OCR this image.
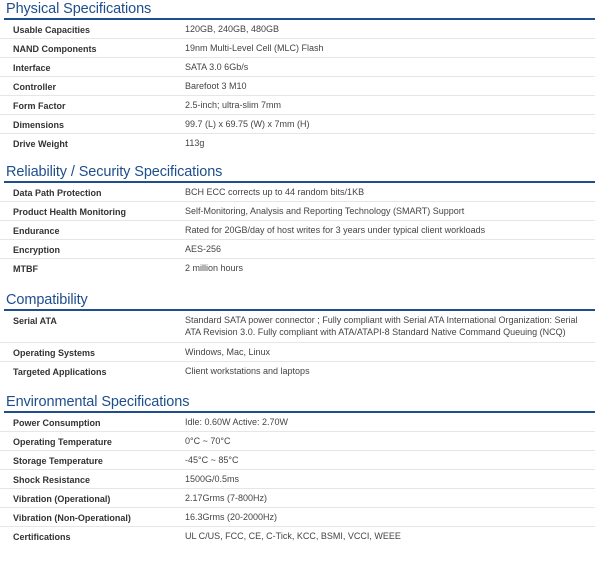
Physical Specifications
Usable Capacities	120GB, 240GB, 480GB
NAND Components	19nm Multi-Level Cell (MLC) Flash
Interface	SATA 3.0 6Gb/s
Controller	Barefoot 3 M10
Form Factor	2.5-inch; ultra-slim 7mm
Dimensions	99.7 (L) x 69.75 (W) x 7mm (H)
Drive Weight	113g
Reliability / Security Specifications
Data Path Protection	BCH ECC corrects up to 44 random bits/1KB
Product Health Monitoring	Self-Monitoring, Analysis and Reporting Technology (SMART) Support
Endurance	Rated for 20GB/day of host writes for 3 years under typical client workloads
Encryption	AES-256
MTBF	2 million hours
Compatibility
Serial ATA	Standard SATA power connector ; Fully compliant with Serial ATA International Organization: Serial ATA Revision 3.0. Fully compliant with ATA/ATAPI-8 Standard Native Command Queuing (NCQ)
Operating Systems	Windows, Mac, Linux
Targeted Applications	Client workstations and laptops
Environmental Specifications
Power Consumption	Idle: 0.60W Active: 2.70W
Operating Temperature	0°C ~ 70°C
Storage Temperature	-45°C ~ 85°C
Shock Resistance	1500G/0.5ms
Vibration (Operational)	2.17Grms (7-800Hz)
Vibration (Non-Operational)	16.3Grms (20-2000Hz)
Certifications	UL C/US, FCC, CE, C-Tick, KCC, BSMI, VCCI, WEEE
